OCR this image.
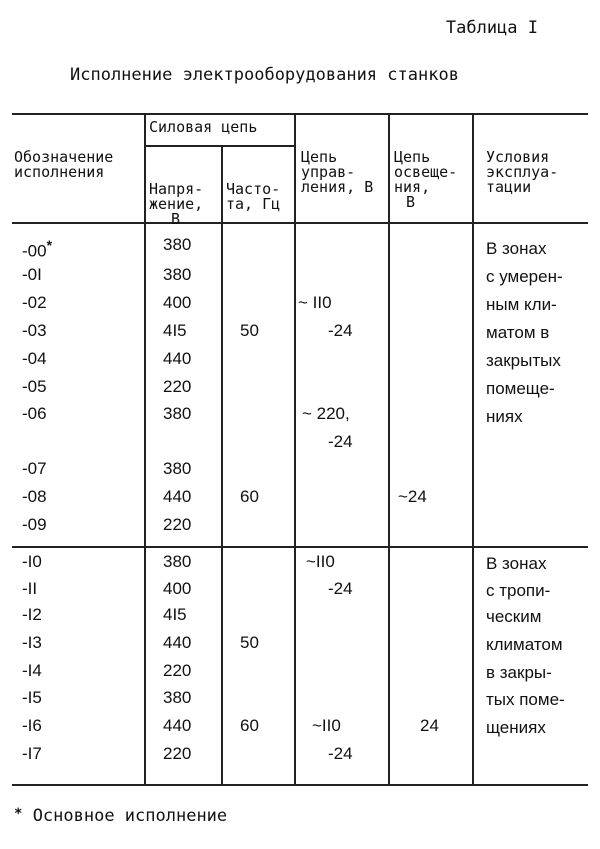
Таблица I
Исполнение электрооборудования станков

Обозначение
исполнения

Силовая цепь

Напря-
жение,
В

Часто-
та, Гц

Цепь
управ-
ления, В

Цепь
освеще-
ния,
В

Условия
эксплуа-
тации

-00*
-0I
-02
-03
-04
-05
-06
-07
-08
-09
380
380
400
4I5
440
220
380
380
440
220
50
60
~ II0
-24
~ 220,
-24
~24
В зонах
с умерен-
ным кли-
матом в
закрытых
помеще-
ниях
-I0
-II
-I2
-I3
-I4
-I5
-I6
-I7
380
400
4I5
440
220
380
440
220
50
60
~II0
-24
~II0
-24
24
В зонах
с тропи-
ческим
климатом
в закры-
тых поме-
щениях
* Основное исполнение
